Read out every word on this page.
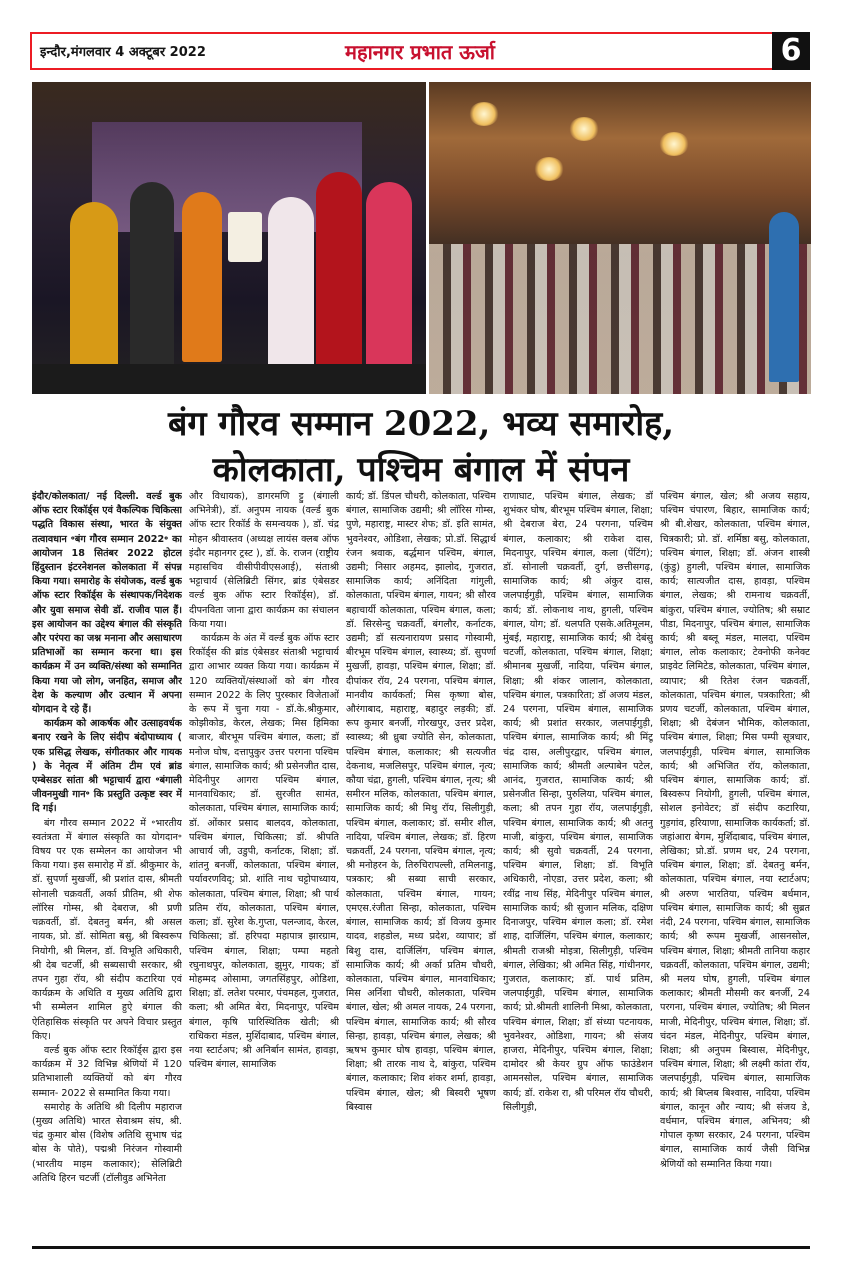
इन्दौर,मंगलवार 4 अक्टूबर 2022	महानगर प्रभात ऊर्जा	6
बंग गौरव सम्मान 2022, भव्य समारोह,
कोलकाता, पश्चिम बंगाल में संपन

इंदौर/कोलकाता/ नई दिल्ली. वर्ल्ड बुक ऑफ स्टार रिकॉर्ड्स एवं वैकल्पिक चिकित्सा पद्धति विकास संस्था, भारत के संयुक्त तत्वावधान ॰बंग गौरव सम्मान 2022॰ का आयोजन 18 सितंबर 2022 होटल हिंदुस्तान इंटरनेशनल कोलकाता में संपन्न किया गया। समारोह के संयोजक, वर्ल्ड बुक ऑफ स्टार रिकॉर्ड्स के संस्थापक/निदेशक और युवा समाज सेवी डॉ. राजीव पाल हैं। इस आयोजन का उद्देश्य बंगाल की संस्कृति और परंपरा का जश्न मनाना और असाधारण प्रतिभाओं का सम्मान करना था। इस कार्यक्रम में उन व्यक्ति/संस्था को सम्मानित किया गया जो लोग, जनहित, समाज और देश के कल्याण और उत्थान में अपना योगदान दे रहे हैं।

कार्यक्रम को आकर्षक और उत्साहवर्धक बनाए रखने के लिए संदीप बंदोपाध्याय ( एक प्रसिद्ध लेखक, संगीतकार और गायक ) के नेतृत्व में अंतिम टीम एवं ब्रांड एम्बेसडर सांता श्री भट्टाचार्य द्वारा ॰बंगाली जीवनमुखी गान॰ कि प्रस्तुति उत्कृष्ट स्वर में दि गई।

बंग गौरव सम्मान 2022 में ॰भारतीय स्वतंत्रता में बंगाल संस्कृति का योगदान॰ विषय पर एक सम्मेलन का आयोजन भी किया गया। इस समारोह में डॉ. श्रीकुमार के, डॉ. सुपर्णा मुखर्जी, श्री प्रशांत दास, श्रीमती सोनाली चक्रवर्ती, अर्का प्रीतिम, श्री शेफ लॉरिस गोम्स, श्री देबराज, श्री प्रणी चक्रवर्ती, डॉ. देबतनु बर्मन, श्री असल नायक, प्रो. डॉ. सोमिता बसु, श्री बिस्वरूप नियोगी, श्री मिलन, डॉ. विभूति अधिकारी, श्री देब चटर्जी, श्री सब्यसाची सरकार, श्री तपन गुहा रॉय, श्री संदीप कटारिया एवं कार्यक्रम के अधिति व मुख्य अतिथि द्वारा भी सम्मेलन शामिल हुऐ बंगाल की ऐतिहासिक संस्कृति पर अपने विचार प्रस्तुत किए।

वर्ल्ड बुक ऑफ स्टार रिकॉर्ड्स द्वारा इस कार्यक्रम में 32 विभिन्न श्रेणियों में 120 प्रतिभाशाली व्यक्तियों को बंग गौरव सम्मान- 2022 से सम्मानित किया गया।

समारोह के अतिथि श्री दिलीप महाराज (मुख्य अतिथि) भारत सेवाश्रम संघ, श्री. चंद्र कुमार बोस (विशेष अतिथि सुभाष चंद्र बोस के पोते), पद्मश्री निरंजन गोस्वामी (भारतीय माइम कलाकार); सेलिब्रिटी अतिथि हिरन चटर्जी (टॉलीवुड अभिनेता

और विधायक), डागरमणि ट्टु (बंगाली अभिनेत्री), डॉ. अनुपम नायक (वर्ल्ड बुक ऑफ स्टार रिकॉर्ड के समन्वयक ), डॉ. चंद्र मोहन श्रीवास्तव (अध्यक्ष लायंस क्लब ऑफ इंदौर महानगर ट्रस्ट ), डॉ. के. राजन (राष्ट्रीय महासचिव वीसीपीवीएसआई), संताश्री भट्टाचार्य (सेलिब्रिटी सिंगर, ब्रांड एंबेसडर वर्ल्ड बुक ऑफ स्टार रिकॉर्ड्स), डॉ. दीपनविता जाना द्वारा कार्यक्रम का संचालन किया गया।

कार्यक्रम के अंत में वर्ल्ड बुक ऑफ स्टार रिकॉर्ड्स की ब्रांड एंबेसडर संताश्री भट्टाचार्य द्वारा आभार व्यक्त किया गया। कार्यक्रम में 120 व्यक्तियों/संस्थाओं को बंग गौरव सम्मान 2022 के लिए पुरस्कार विजेताओं के रूप में चुना गया - डॉ.के.श्रीकुमार, कोझीकोड, केरल, लेखक; मिस हिमिका बाजार, बीरभूम पश्चिम बंगाल, कला; डॉ मनोज घोष, दत्तापुकुर उत्तर परगना पश्चिम बंगाल, सामाजिक कार्य; श्री प्रसेनजीत दास, मेदिनीपुर आगरा पश्चिम बंगाल, मानवाधिकार; डॉ. सुरजीत सामंत, कोलकाता, पश्चिम बंगाल, सामाजिक कार्य; डॉ. ओंकार प्रसाद बालदव, कोलकाता, पश्चिम बंगाल, चिकित्सा; डॉ. श्रीपति आचार्य जी, उडुपी, कर्नाटक, शिक्षा; डॉ. शांतनु बनर्जी, कोलकाता, पश्चिम बंगाल, पर्यावरणविद्; प्रो. शांति नाथ चट्टोपाध्याय, कोलकाता, पश्चिम बंगाल, शिक्षा; श्री पार्थ प्रतिम रॉय, कोलकाता, पश्चिम बंगाल, कला; डॉ. सुरेश के.गुप्ता, पलन्जाद, केरल, चिकित्सा; डॉ. हरिपदा महापात्र झारग्राम, पश्चिम बंगाल, शिक्षा; पम्पा महतो रघुनाथपुर, कोलकाता, झुमुर, गायक; डॉ मोहम्मद ओसामा, जगतसिंहपुर, ओडिशा, शिक्षा; डॉ. लतेश परमार, पंचमहल, गुजरात, कला; श्री अमित बेरा, मिदनापुर, पश्चिम बंगाल, कृषि पारिस्थितिक खेती; श्री राधिकरा मंडल, मुर्शिदाबाद, पश्चिम बंगाल, नया स्टार्टअप; श्री अनिर्बान सामंत, हावड़ा, पश्चिम बंगाल, सामाजिक

कार्य; डॉ. डिंपल चौधरी, कोलकाता, पश्चिम बंगाल, सामाजिक उद्यमी; श्री लॉरिस गोम्स, पुणे, महाराष्ट्र, मास्टर शेफ; डॉ. इति सामंत, भुवनेश्वर, ओडिशा, लेखक; प्रो.डॉ. सिद्धार्थ रंजन श्रवाक, बर्द्धमान पश्चिम, बंगाल, उद्यमी; निसार अहमद, झालोद, गुजरात, सामाजिक कार्य; अनिंदिता गांगुली, कोलकाता, पश्चिम बंगाल, गायन; श्री सौरव बहाचार्यी कोलकाता, पश्चिम बंगाल, कला; डॉ. सिरसेन्दु चक्रवर्ती, बंगलौर, कर्नाटक, उद्यमी; डॉ सत्यनारायण प्रसाद गोस्वामी, बीरभूम पश्चिम बंगाल, स्वास्थ्य; डॉ. सुपर्णा मुखर्जी, हावड़ा, पश्चिम बंगाल, शिक्षा; डॉ. दीपांकर रॉय, 24 परगना, पश्चिम बंगाल, मानवीय कार्यकर्ता; मिस कृष्णा बोस, औरंगाबाद, महाराष्ट्र, बहादुर लड़की; डॉ. रूप कुमार बनर्जी, गोरखपुर, उत्तर प्रदेश, स्वास्थ्य; श्री ध्रुबा ज्योति सेन, कोलकाता, पश्चिम बंगाल, कलाकार; श्री सत्यजीत देकनाथ, मजलिसपुर, पश्चिम बंगाल, नृत्य; कौया चंद्रा, हुगली, पश्चिम बंगाल, नृत्य; श्री समीरन मलिक, कोलकाता, पश्चिम बंगाल, सामाजिक कार्य; श्री मिथु रॉय, सिलीगुड़ी, पश्चिम बंगाल, कलाकार; डॉ. समीर शील, नादिया, पश्चिम बंगाल, लेखक; डॉ. हिरण चक्रवर्ती, 24 परगना, पश्चिम बंगाल, नृत्य; श्री मनोहरन के, तिरुचिरापल्ली, तमिलनाडु, पत्रकार; श्री सब्या साची सरकार, कोलकाता, पश्चिम बंगाल, गायन; एमएस.रंजीता सिन्हा, कोलकाता, पश्चिम बंगाल, सामाजिक कार्य; डॉ विजय कुमार यादव, शहडोल, मध्य प्रदेश, व्यापार; डॉ बिशु दास, दार्जिलिंग, पश्चिम बंगाल, सामाजिक कार्य; श्री अर्का प्रतिम चौधरी, कोलकाता, पश्चिम बंगाल, मानवाधिकार; मिस अर्निशा चौधरी, कोलकाता, पश्चिम बंगाल, खेल; श्री अमल नायक, 24 परगना, पश्चिम बंगाल, सामाजिक कार्य; श्री सौरव सिन्हा, हावड़ा, पश्चिम बंगाल, लेखक; श्री ऋषभ कुमार घोष हावड़ा, पश्चिम बंगाल, शिक्षा; श्री तारक नाथ दे, बांकुरा, पश्चिम बंगाल, कलाकार; शिव शंकर शर्मा, हावड़ा, पश्चिम बंगाल, खेल; श्री बिस्वरी भूषण बिस्वास

राणाघाट, पश्चिम बंगाल, लेखक; डॉ शुभंकर घोष, बीरभूम पश्चिम बंगाल, शिक्षा; श्री देबराज बेरा, 24 परगना, पश्चिम बंगाल, कलाकार; श्री राकेश दास, मिदनापुर, पश्चिम बंगाल, कला (पेंटिंग); डॉ. सोनाली चक्रवर्ती, दुर्ग, छत्तीसगढ़, सामाजिक कार्य; श्री अंकुर दास, जलपाईगुड़ी, पश्चिम बंगाल, सामाजिक कार्य; डॉ. लोकनाथ नाथ, हुगली, पश्चिम बंगाल, योग; डॉ. थलपति एसके.अतिमूलम, मुंबई, महाराष्ट्र, सामाजिक कार्य; श्री देबंसु चटर्जी, कोलकाता, पश्चिम बंगाल, शिक्षा; श्रीमानब मुखर्जी, नादिया, पश्चिम बंगाल, शिक्षा; श्री शंकर जालान, कोलकाता, पश्चिम बंगाल, पत्रकारिता; डॉ अजय मंडल, 24 परगना, पश्चिम बंगाल, सामाजिक कार्य; श्री प्रशांत सरकार, जलपाईगुड़ी, पश्चिम बंगाल, सामाजिक कार्य; श्री मिंटू चंद्र दास, अलीपुरद्वार, पश्चिम बंगाल, सामाजिक कार्य; श्रीमती अल्पाबेन पटेल, आनंद, गुजरात, सामाजिक कार्य; श्री प्रसेनजीत सिन्हा, पुरुलिया, पश्चिम बंगाल, कला; श्री तपन गुहा रॉय, जलपाईगुड़ी, पश्चिम बंगाल, सामाजिक कार्य; श्री अतनु माजी, बांकुरा, पश्चिम बंगाल, सामाजिक कार्य; श्री सुवो चक्रवर्ती, 24 परगना, पश्चिम बंगाल, शिक्षा; डॉ. विभूति अधिकारी, नोएडा, उत्तर प्रदेश, कला; श्री रवींद्र नाथ सिंह, मेदिनीपुर पश्चिम बंगाल, सामाजिक कार्य; श्री सुजान मलिक, दक्षिण दिनाजपुर, पश्चिम बंगाल कला; डॉ. रमेश शाह, दार्जिलिंग, पश्चिम बंगाल, कलाकार; श्रीमती राजश्री मोइत्रा, सिलीगुड़ी, पश्चिम बंगाल, लेखिका; श्री अमित सिंह, गांधीनगर, गुजरात, कलाकार; डॉ. पार्थ प्रतिम, जलपाईगुड़ी, पश्चिम बंगाल, सामाजिक कार्य; प्रो.श्रीमती शालिनी मिश्रा, कोलकाता, पश्चिम बंगाल, शिक्षा; डॉ संध्या पटनायक, भुवनेश्वर, ओडिशा, गायन; श्री संजय हाजरा, मेदिनीपुर, पश्चिम बंगाल, शिक्षा; दामोदर श्री केयर ग्रुप ऑफ फाउंडेशन आमनसोल, पश्चिम बंगाल, सामाजिक कार्य; डॉ. राकेश रा, श्री परिमल रॉय चौधरी, सिलीगुड़ी,

पश्चिम बंगाल, खेल; श्री अजय सहाय, पश्चिम चंपारण, बिहार, सामाजिक कार्य; श्री बी.शेखर, कोलकाता, पश्चिम बंगाल, चित्रकारी; प्रो. डॉ. शर्मिष्ठा बसु, कोलकाता, पश्चिम बंगाल, शिक्षा; डॉ. अंजन शास्त्री (कुंडु) हुगली, पश्चिम बंगाल, सामाजिक कार्य; सात्यजीत दास, हावड़ा, पश्चिम बंगाल, लेखक; श्री रामनाथ चक्रवर्ती, बांकुरा, पश्चिम बंगाल, ज्योतिष; श्री सम्राट पीडा, मिदनापुर, पश्चिम बंगाल, सामाजिक कार्य; श्री बब्लू मंडल, मालदा, पश्चिम बंगाल, लोक कलाकार; टेक्नोफी कनेक्ट प्राइवेट लिमिटेड, कोलकाता, पश्चिम बंगाल, व्यापार; श्री रितेश रंजन चक्रवर्ती, कोलकाता, पश्चिम बंगाल, पत्रकारिता; श्री प्रणय चटर्जी, कोलकाता, पश्चिम बंगाल, शिक्षा; श्री देबंजन भौमिक, कोलकाता, पश्चिम बंगाल, शिक्षा; मिस पम्पी सूत्रधार, जलपाईगुड़ी, पश्चिम बंगाल, सामाजिक कार्य; श्री अभिजित रॉय, कोलकाता, पश्चिम बंगाल, सामाजिक कार्य; डॉ. बिस्वरूप नियोगी, हुगली, पश्चिम बंगाल, सोशल इनोवेटर; डॉ संदीप कटारिया, गुड़गांव, हरियाणा, सामाजिक कार्यकर्ता; डॉ. जहांआरा बेगम, मुर्शिदाबाद, पश्चिम बंगाल, लेखिका; प्रो.डॉ. प्रणम धर, 24 परगना, पश्चिम बंगाल, शिक्षा; डॉ. देबतनु बर्मन, कोलकाता, पश्चिम बंगाल, नया स्टार्टअप; श्री अरुण भारतिया, पश्चिम बर्धमान, पश्चिम बंगाल, सामाजिक कार्य; श्री सुब्रत नंदी, 24 परगना, पश्चिम बंगाल, सामाजिक कार्य; श्री रूपम मुखर्जी, आसनसोल, पश्चिम बंगाल, शिक्षा; श्रीमती तानिया कहार चक्रवर्ती, कोलकाता, पश्चिम बंगाल, उद्यमी; श्री मलय घोष, हुगली, पश्चिम बंगाल कलाकार; श्रीमती मौसमी कर बनर्जी, 24 परगना, पश्चिम बंगाल, ज्योतिष; श्री मिलन माजी, मेदिनीपुर, पश्चिम बंगाल, शिक्षा; डॉ. चंदन मंडल, मेदिनीपुर, पश्चिम बंगाल, शिक्षा; श्री अनुपम बिस्वास, मेदिनीपुर, पश्चिम बंगाल, शिक्षा; श्री लक्ष्मी कांता रॉय, जलपाईगुड़ी, पश्चिम बंगाल, सामाजिक कार्य; श्री बिप्लब बिश्वास, नादिया, पश्चिम बंगाल, कानून और न्याय; श्री संजय डे, वर्धमान, पश्चिम बंगाल, अभिनय; श्री गोपाल कृष्ण सरकार, 24 परगना, पश्चिम बंगाल, सामाजिक कार्य जैसी विभिन्न श्रेणियों को सम्मानित किया गया।
